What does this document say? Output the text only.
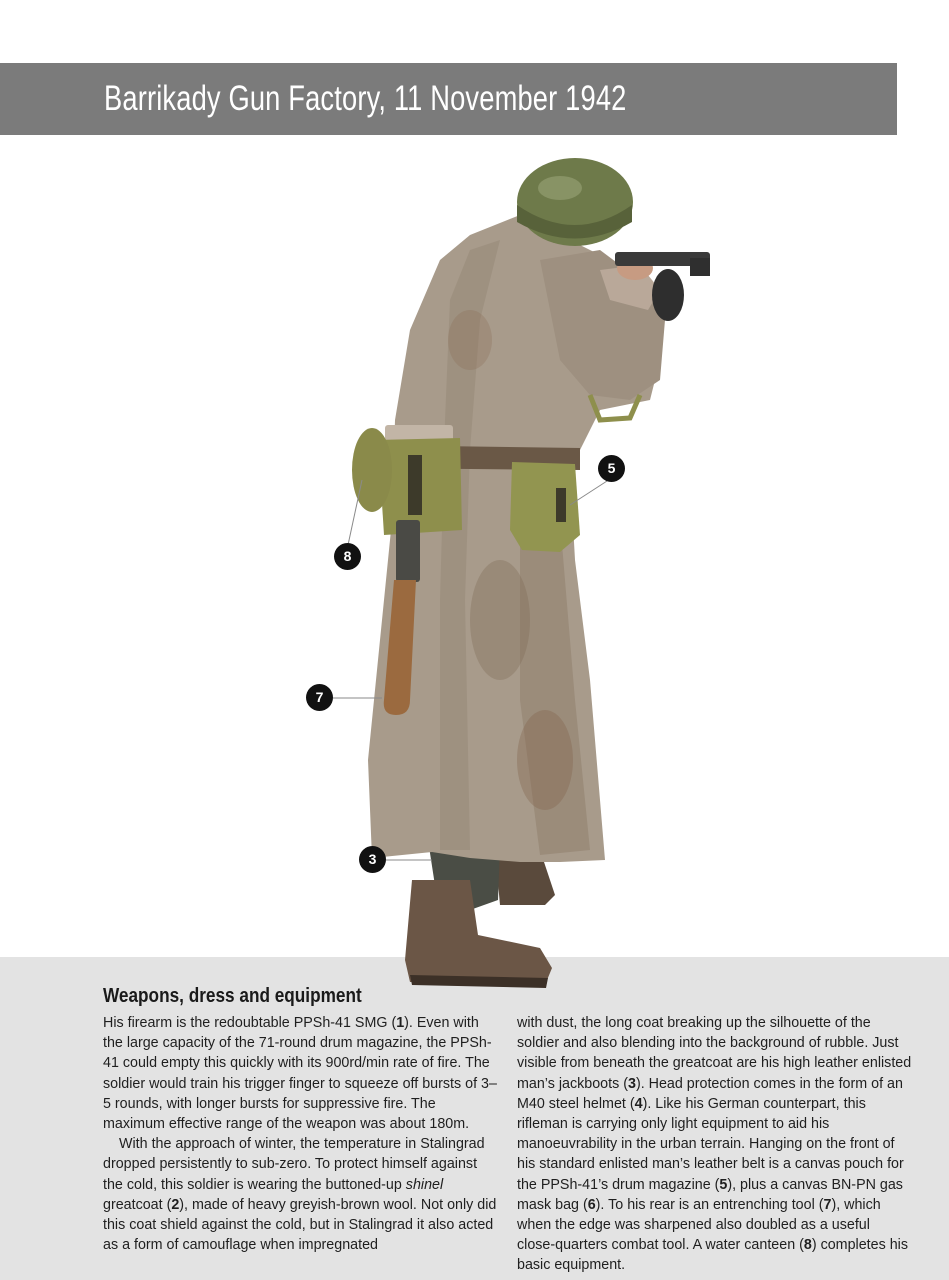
Barrikady Gun Factory, 11 November 1942
5
8
7
3
Weapons, dress and equipment

His firearm is the redoubtable PPSh-41 SMG (1). Even with the large capacity of the 71-round drum magazine, the PPSh-41 could empty this quickly with its 900rd/min rate of fire. The soldier would train his trigger finger to squeeze off bursts of 3–5 rounds, with longer bursts for suppressive fire. The maximum effective range of the weapon was about 180m.

With the approach of winter, the temperature in Stalingrad dropped persistently to sub-zero. To protect himself against the cold, this soldier is wearing the buttoned-up shinel greatcoat (2), made of heavy greyish-brown wool. Not only did this coat shield against the cold, but in Stalingrad it also acted as a form of camouflage when impregnated

with dust, the long coat breaking up the silhouette of the soldier and also blending into the background of rubble. Just visible from beneath the greatcoat are his high leather enlisted man’s jackboots (3). Head protection comes in the form of an M40 steel helmet (4). Like his German counterpart, this rifleman is carrying only light equipment to aid his manoeuvrability in the urban terrain. Hanging on the front of his standard enlisted man’s leather belt is a canvas pouch for the PPSh-41’s drum magazine (5), plus a canvas BN-PN gas mask bag (6). To his rear is an entrenching tool (7), which when the edge was sharpened also doubled as a useful close-quarters combat tool. A water canteen (8) completes his basic equipment.
